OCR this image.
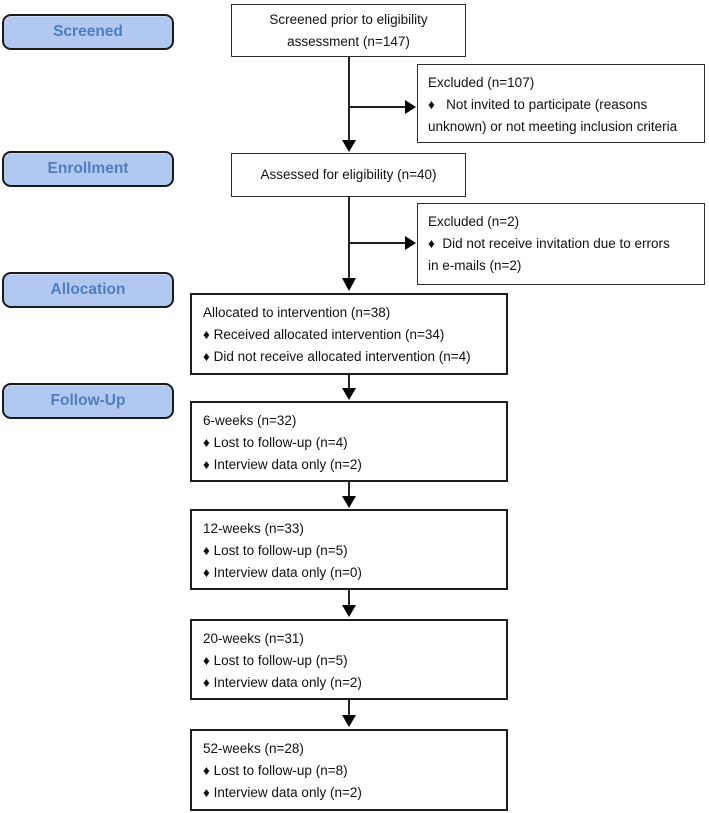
Screened
Enrollment
Allocation
Follow-Up
Screened prior to eligibility
assessment (n=147)
Excluded (n=107)
♦   Not invited to participate (reasons
unknown) or not meeting inclusion criteria
Assessed for eligibility (n=40)
Excluded (n=2)
♦  Did not receive invitation due to errors
in e-mails (n=2)
Allocated to intervention (n=38)
♦ Received allocated intervention (n=34)
♦ Did not receive allocated intervention (n=4)
6-weeks (n=32)
♦ Lost to follow-up (n=4)
♦ Interview data only (n=2)
12-weeks (n=33)
♦ Lost to follow-up (n=5)
♦ Interview data only (n=0)
20-weeks (n=31)
♦ Lost to follow-up (n=5)
♦ Interview data only (n=2)
52-weeks (n=28)
♦ Lost to follow-up (n=8)
♦ Interview data only (n=2)
